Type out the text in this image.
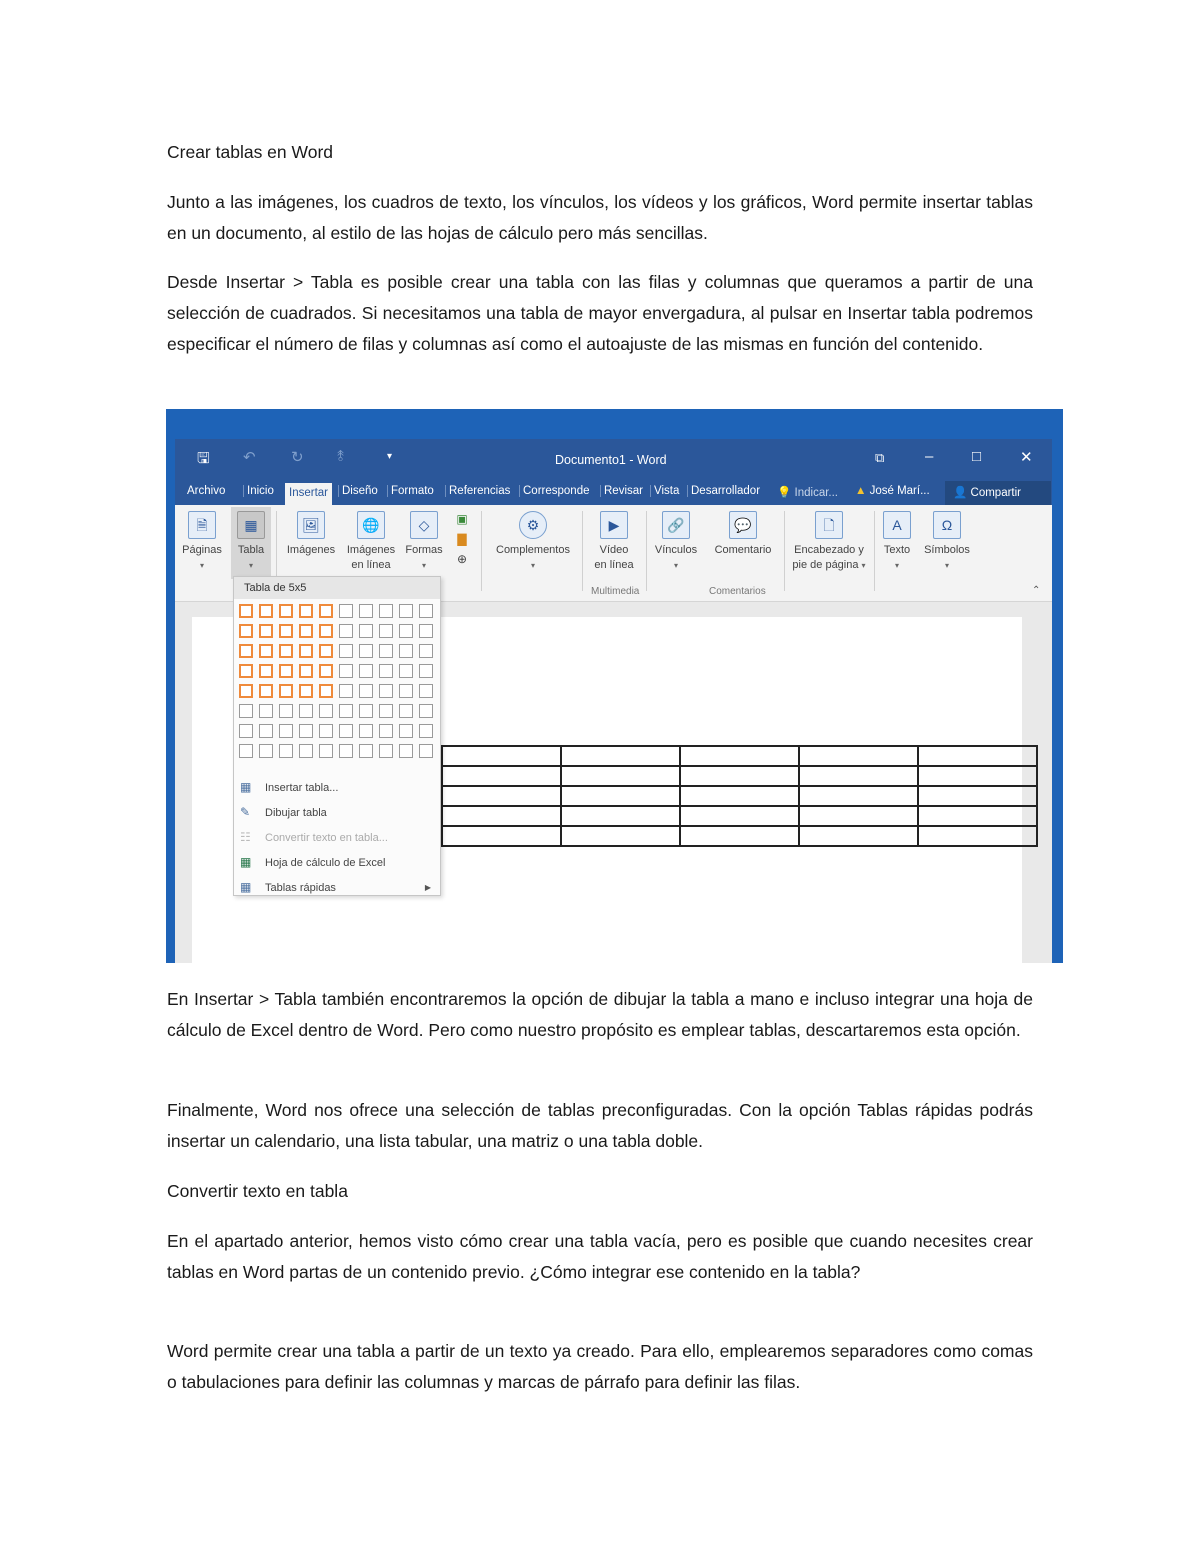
Crear tablas en Word
Junto a las imágenes, los cuadros de texto, los vínculos, los vídeos y los gráficos, Word permite insertar tablas en un documento, al estilo de las hojas de cálculo pero más sencillas.
Desde Insertar > Tabla es posible crear una tabla con las filas y columnas que queramos a partir de una selección de cuadrados. Si necesitamos una tabla de mayor envergadura, al pulsar en Insertar tabla podremos especificar el número de filas y columnas así como el autoajuste de las mismas en función del contenido.
🖫 ↶ ↻ ⥉	▾	Documento1 - Word	⧉	–	□	✕
Archivo	Inicio	Insertar	Diseño	Formato	Referencias	Corresponde	Revisar Vista	Desarrollador 💡 Indicar... ▲ José Marí...	👤 Compartir
🗎
Páginas
▾
▦
Tabla
▾
🖼
Imágenes
🌐
Imágenes
en línea
◇
Formas
▾
▣
▇
⊕
⚙
Complementos
▾
▶
Vídeo
en línea
Multimedia
🔗
Vínculos
▾
💬
Comentario
Comentarios
🗋
Encabezado y
pie de página ▾
A
Texto
▾
Ω
Símbolos
▾
⌃

Tabla de 5x5
▦ Insertar tabla...
✎ Dibujar tabla
☷ Convertir texto en tabla...
▦ Hoja de cálculo de Excel
▦ Tablas rápidas	▶
En Insertar > Tabla también encontraremos la opción de dibujar la tabla a mano e incluso integrar una hoja de cálculo de Excel dentro de Word. Pero como nuestro propósito es emplear tablas, descartaremos esta opción.
Finalmente, Word nos ofrece una selección de tablas preconfiguradas. Con la opción Tablas rápidas podrás insertar un calendario, una lista tabular, una matriz o una tabla doble.
Convertir texto en tabla
En el apartado anterior, hemos visto cómo crear una tabla vacía, pero es posible que cuando necesites crear tablas en Word partas de un contenido previo. ¿Cómo integrar ese contenido en la tabla?
Word permite crear una tabla a partir de un texto ya creado. Para ello, emplearemos separadores como comas o tabulaciones para definir las columnas y marcas de párrafo para definir las filas.
